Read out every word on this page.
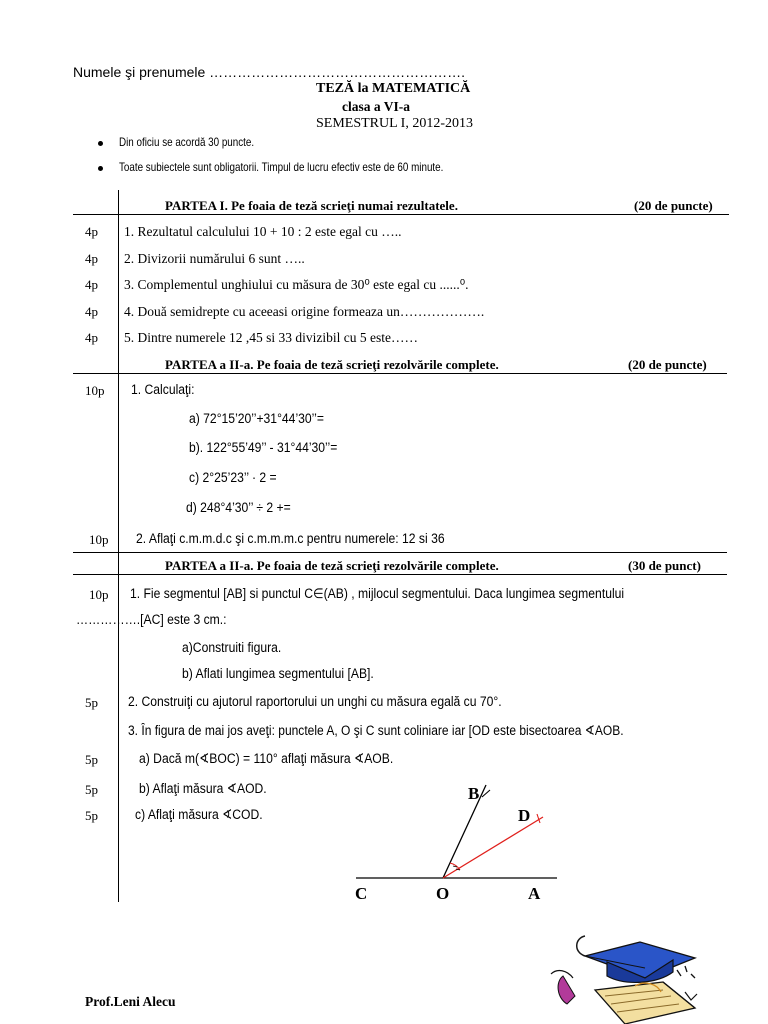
Numele şi prenumele ……………………………………………….
TEZĂ la MATEMATICĂ
clasa a VI-a
SEMESTRUL I, 2012-2013
Din oficiu se acordă 30 puncte.
Toate subiectele sunt obligatorii. Timpul de lucru efectiv este de 60 minute.
PARTEA I. Pe foaia de teză scrieţi numai rezultatele.	(20 de puncte)
4p 1. Rezultatul calculului 10 + 10 : 2 este egal cu …..
4p 2. Divizorii numărului 6 sunt …..
4p 3. Complementul unghiului cu măsura de 30⁰ este egal cu ......⁰.
4p 4. Două semidrepte cu aceeasi origine formeaza un……………….
4p 5. Dintre numerele 12 ,45 si 33 divizibil cu 5 este……
PARTEA a II-a. Pe foaia de teză scrieţi rezolvările complete.	(20 de puncte)
10p 1. Calculaţi:
a) 72°15’20’’+31°44’30’’=
b). 122°55’49’’ - 31°44’30’’=
c) 2°25’23’’ · 2 =
d) 248°4’30’’ ÷ 2 +=
10p 2. Aflaţi c.m.m.d.c şi c.m.m.m.c pentru numerele: 12 si 36
PARTEA a II-a. Pe foaia de teză scrieţi rezolvările complete.	(30 de punct)
10p 1. Fie segmentul [AB] si punctul C∈(AB) , mijlocul segmentului. Daca lungimea segmentului
…………….[AC] este 3 cm.:
a)Construiti figura.
b) Aflati lungimea segmentului [AB].
5p 2. Construiţi cu ajutorul raportorului un unghi cu măsura egală cu 70°.
3. În figura de mai jos aveţi: punctele A, O şi C sunt coliniare iar [OD este bisectoarea ∢AOB.
5p	a) Dacă m(∢BOC) = 110° aflaţi măsura ∢AOB.
5p	b) Aflaţi măsura ∢AOD.
5p	c) Aflaţi măsura ∢COD.
B
D
C	O	A
Prof.Leni Alecu
